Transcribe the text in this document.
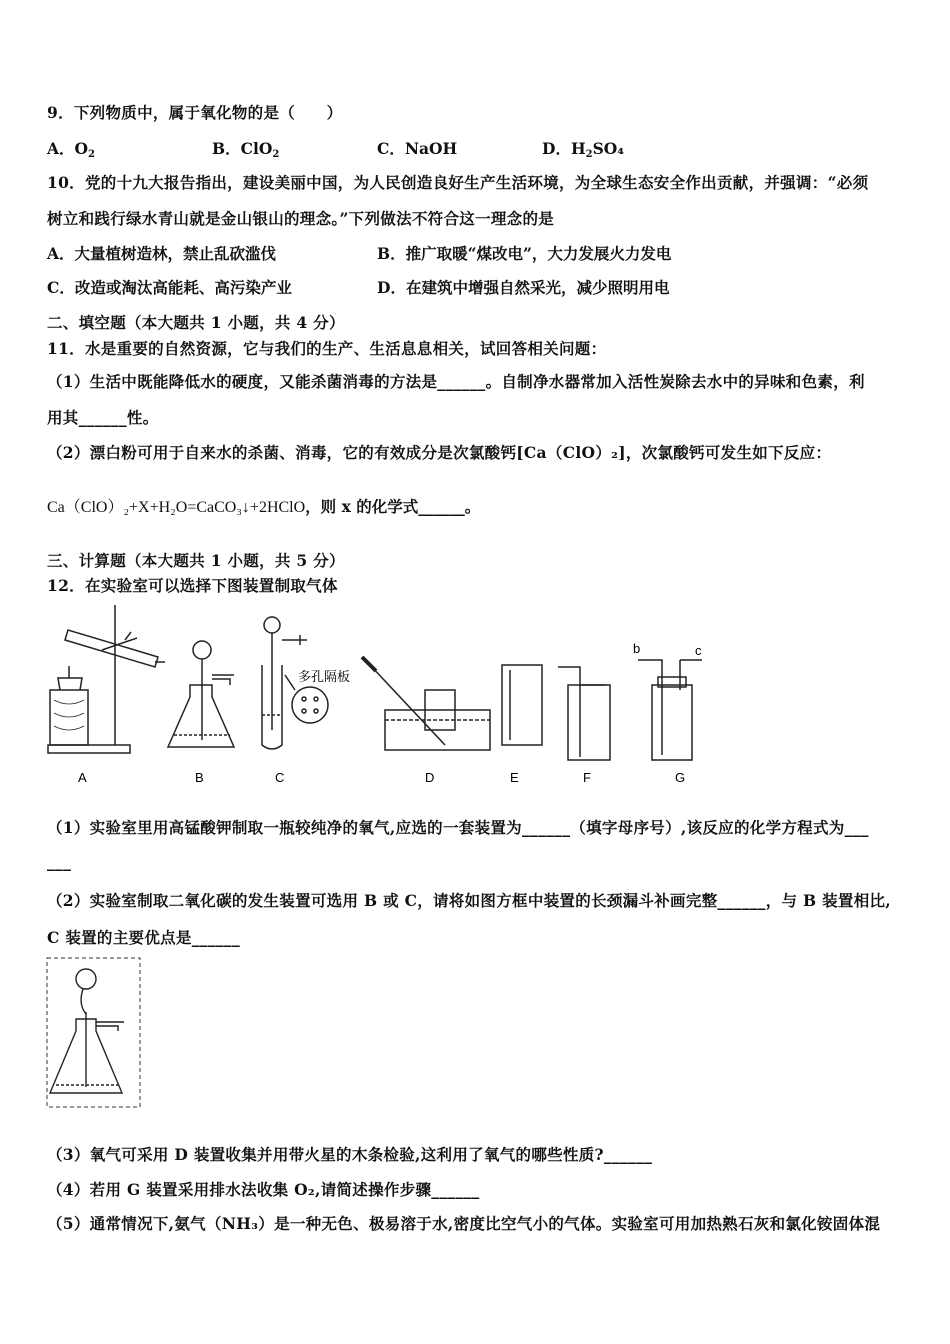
9．下列物质中，属于氧化物的是（　　）
A．$O_2$	B．ClO$_2$	C．NaOH	D．$H_2SO_4$
10．党的十九大报告指出，建设美丽中国，为人民创造良好生产生活环境，为全球生态安全作出贡献，并强调：“必须
树立和践行绿水青山就是金山银山的理念。”下列做法不符合这一理念的是
A．大量植树造林，禁止乱砍滥伐	B．推广取暖“煤改电”，大力发展火力发电
C．改造或淘汰高能耗、高污染产业	D．在建筑中增强自然采光，减少照明用电
二、填空题（本大题共 1 小题，共 4 分）
11．水是重要的自然资源，它与我们的生产、生活息息相关，试回答相关问题：
（1）生活中既能降低水的硬度，又能杀菌消毒的方法是______。自制净水器常加入活性炭除去水中的异味和色素，利
用其______性。
（2）漂白粉可用于自来水的杀菌、消毒，它的有效成分是次氯酸钙[Ca（ClO）₂]，次氯酸钙可发生如下反应：
Ca（ClO）₂+X+H₂O=CaCO₃↓+2HClO，则 x 的化学式______。
三、计算题（本大题共 1 小题，共 5 分）
12．在实验室可以选择下图装置制取气体
多孔隔板
b	c
A	B	C	D	E	F	G
（1）实验室里用高锰酸钾制取一瓶较纯净的氧气,应选的一套装置为______（填字母序号）,该反应的化学方程式为___
___
（2）实验室制取二氧化碳的发生装置可选用 B 或 C，请将如图方框中装置的长颈漏斗补画完整______，与 B 装置相比,
C 装置的主要优点是______
（3）氧气可采用 D 装置收集并用带火星的木条检验,这利用了氧气的哪些性质?______
（4）若用 G 装置采用排水法收集 O₂,请简述操作步骤______
（5）通常情况下,氨气（NH₃）是一种无色、极易溶于水,密度比空气小的气体。实验室可用加热熟石灰和氯化铵固体混
